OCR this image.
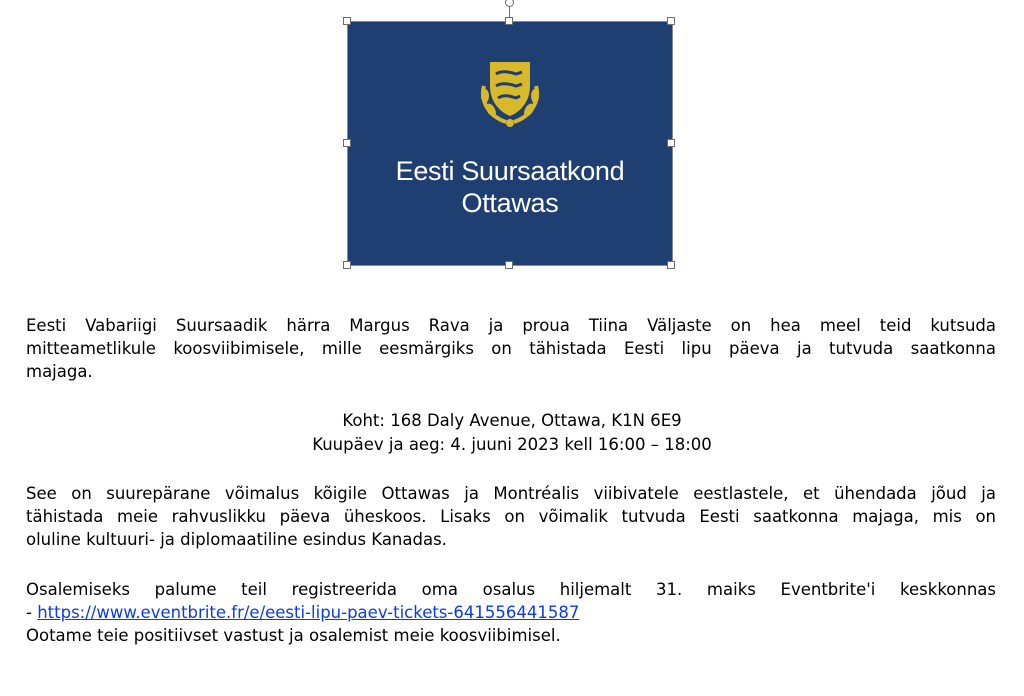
Eesti Suursaatkond
Ottawas
Eesti Vabariigi Suursaadik härra Margus Rava ja proua Tiina Väljaste on hea meel teid kutsuda
mitteametlikule koosviibimisele, mille eesmärgiks on tähistada Eesti lipu päeva ja tutvuda saatkonna
majaga.
Koht: 168 Daly Avenue, Ottawa, K1N 6E9
Kuupäev ja aeg: 4. juuni 2023 kell 16:00 – 18:00
See on suurepärane võimalus kõigile Ottawas ja Montréalis viibivatele eestlastele, et ühendada jõud ja
tähistada meie rahvuslikku päeva üheskoos. Lisaks on võimalik tutvuda Eesti saatkonna majaga, mis on
oluline kultuuri- ja diplomaatiline esindus Kanadas.
Osalemiseks palume teil registreerida oma osalus hiljemalt 31. maiks Eventbrite'i keskkonnas
- https://www.eventbrite.fr/e/eesti-lipu-paev-tickets-641556441587
Ootame teie positiivset vastust ja osalemist meie koosviibimisel.
